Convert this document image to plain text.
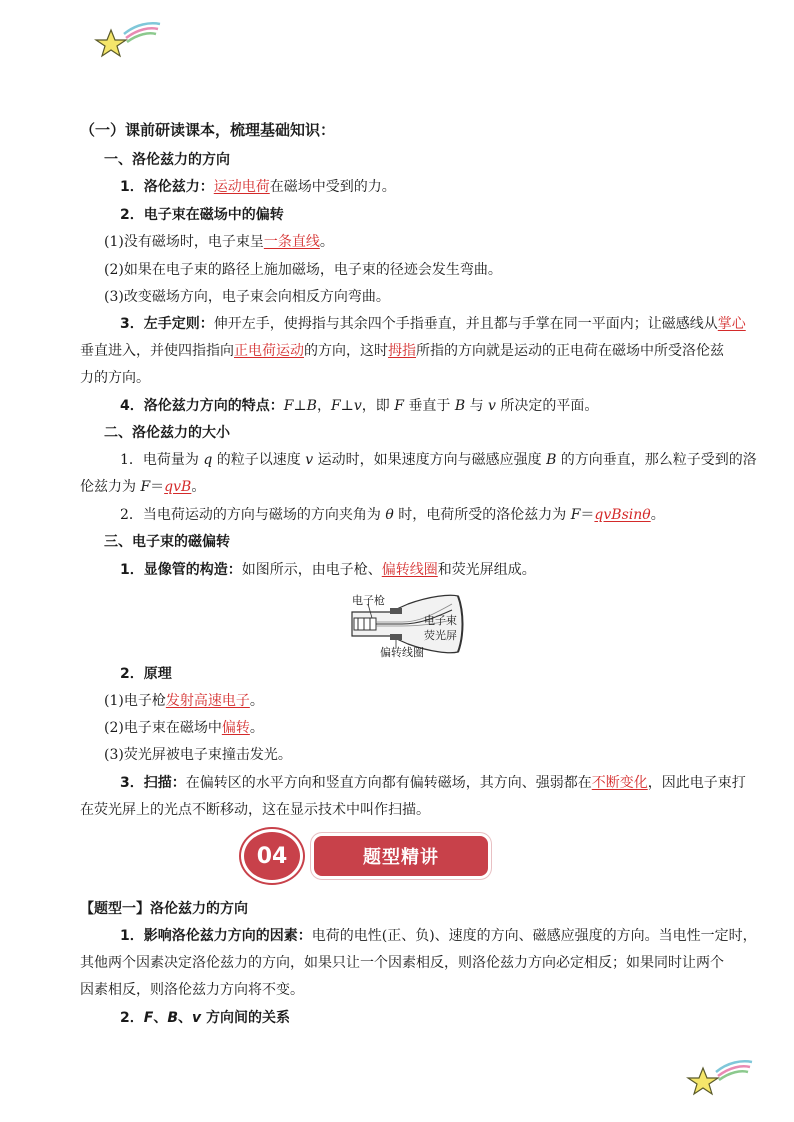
（一）课前研读课本，梳理基础知识：
一、洛伦兹力的方向
1．洛伦兹力：运动电荷在磁场中受到的力。
2．电子束在磁场中的偏转
(1)没有磁场时，电子束呈一条直线。
(2)如果在电子束的路径上施加磁场，电子束的径迹会发生弯曲。
(3)改变磁场方向，电子束会向相反方向弯曲。
3．左手定则：伸开左手，使拇指与其余四个手指垂直，并且都与手掌在同一平面内；让磁感线从掌心
垂直进入，并使四指指向正电荷运动的方向，这时拇指所指的方向就是运动的正电荷在磁场中所受洛伦兹
力的方向。
4．洛伦兹力方向的特点：F⊥B，F⊥v，即 F 垂直于 B 与 v 所决定的平面。
二、洛伦兹力的大小
1．电荷量为 q 的粒子以速度 v 运动时，如果速度方向与磁感应强度 B 的方向垂直，那么粒子受到的洛
伦兹力为 F＝qvB。
2．当电荷运动的方向与磁场的方向夹角为 θ 时，电荷所受的洛伦兹力为 F＝qvBsinθ。
三、电子束的磁偏转
1．显像管的构造：如图所示，由电子枪、偏转线圈和荧光屏组成。
电子枪
电子束
荧光屏
偏转线圈
2．原理
(1)电子枪发射高速电子。
(2)电子束在磁场中偏转。
(3)荧光屏被电子束撞击发光。
3．扫描：在偏转区的水平方向和竖直方向都有偏转磁场，其方向、强弱都在不断变化，因此电子束打
在荧光屏上的光点不断移动，这在显示技术中叫作扫描。
04	题型精讲
【题型一】洛伦兹力的方向
1．影响洛伦兹力方向的因素：电荷的电性(正、负)、速度的方向、磁感应强度的方向。当电性一定时，
其他两个因素决定洛伦兹力的方向，如果只让一个因素相反，则洛伦兹力方向必定相反；如果同时让两个
因素相反，则洛伦兹力方向将不变。
2．F、B、v 方向间的关系
